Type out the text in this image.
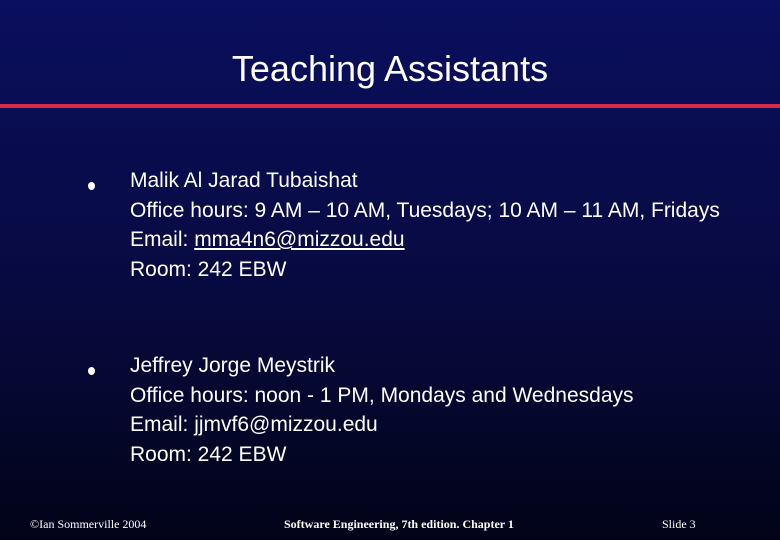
Teaching Assistants
Malik Al Jarad Tubaishat
Office hours: 9 AM – 10 AM, Tuesdays; 10 AM – 11 AM, Fridays
Email: mma4n6@mizzou.edu
Room: 242 EBW
Jeffrey Jorge Meystrik
Office hours: noon - 1 PM, Mondays and Wednesdays
Email: jjmvf6@mizzou.edu
Room: 242 EBW
©Ian Sommerville 2004	Software Engineering, 7th edition. Chapter 1	Slide 3
